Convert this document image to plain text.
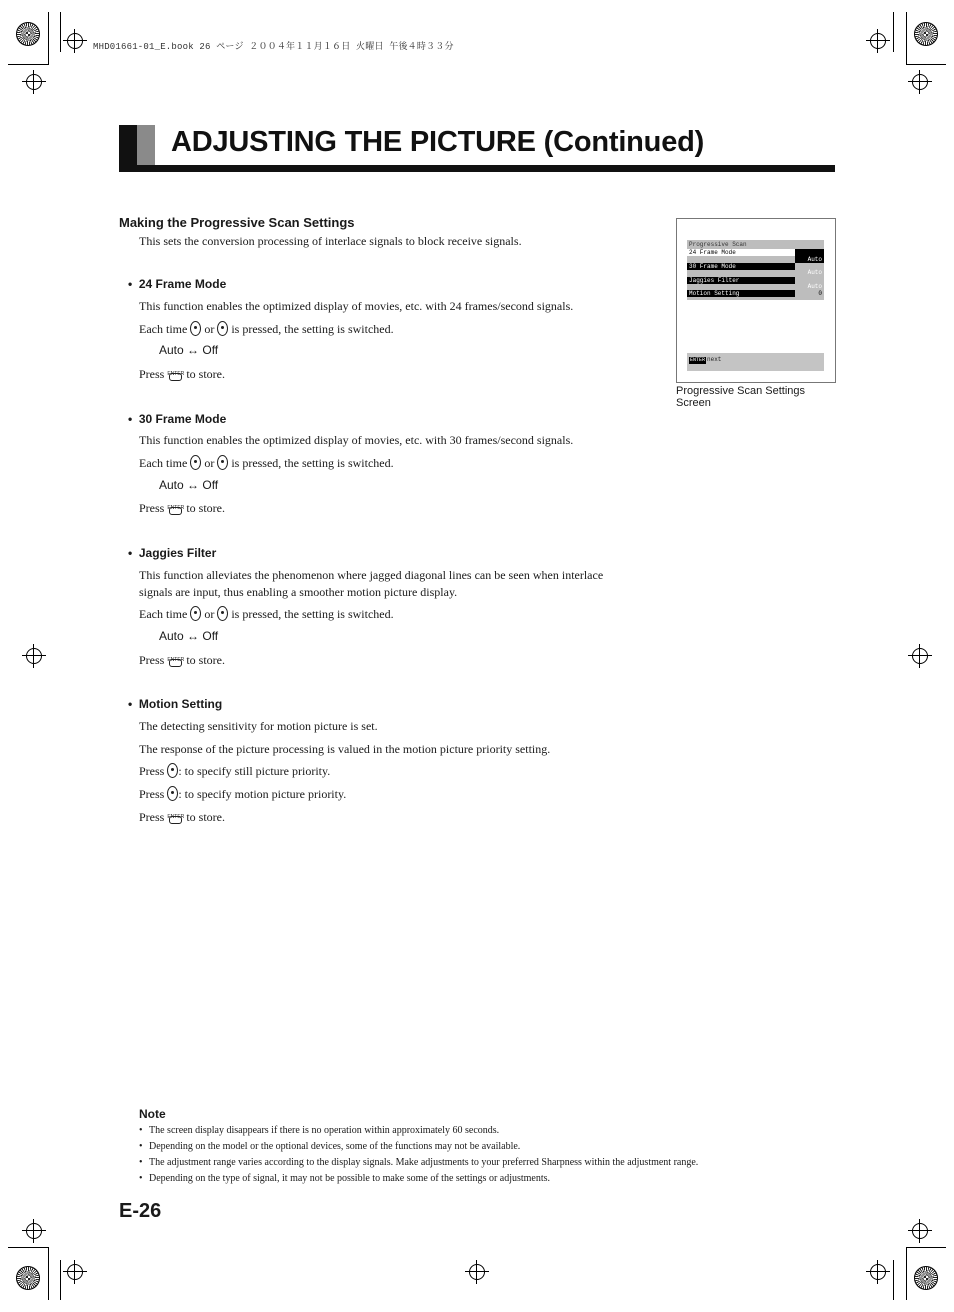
MHD01661-01_E.book 26 ページ ２００４年１１月１６日 火曜日 午後４時３３分
ADJUSTING THE PICTURE (Continued)
Making the Progressive Scan Settings
This sets the conversion processing of interlace signals to block receive signals.
•  24 Frame Mode
This function enables the optimized display of movies, etc. with 24 frames/second signals.
Each time or is pressed, the setting is switched.
Auto ↔ Off
Press ENTER to store.
•  30 Frame Mode
This function enables the optimized display of movies, etc. with 30 frames/second signals.
Each time or is pressed, the setting is switched.
Auto ↔ Off
Press ENTER to store.
•  Jaggies Filter
This function alleviates the phenomenon where jagged diagonal lines can be seen when interlace
signals are input, thus enabling a smoother motion picture display.
Each time or is pressed, the setting is switched.
Auto ↔ Off
Press ENTER to store.
•  Motion Setting
The detecting sensitivity for motion picture is set.
The response of the picture processing is valued in the motion picture priority setting.
Press : to specify still picture priority.
Press : to specify motion picture priority.
Press ENTER to store.
Progressive Scan
24 Frame Mode
Auto
30 Frame Mode
Auto
Jaggies Filter
Auto
Motion Setting	0
ENTER next
Progressive Scan Settings
Screen
Note
• The screen display disappears if there is no operation within approximately 60 seconds.
• Depending on the model or the optional devices, some of the functions may not be available.
• The adjustment range varies according to the display signals. Make adjustments to your preferred Sharpness within the adjustment range.
• Depending on the type of signal, it may not be possible to make some of the settings or adjustments.
E-26
